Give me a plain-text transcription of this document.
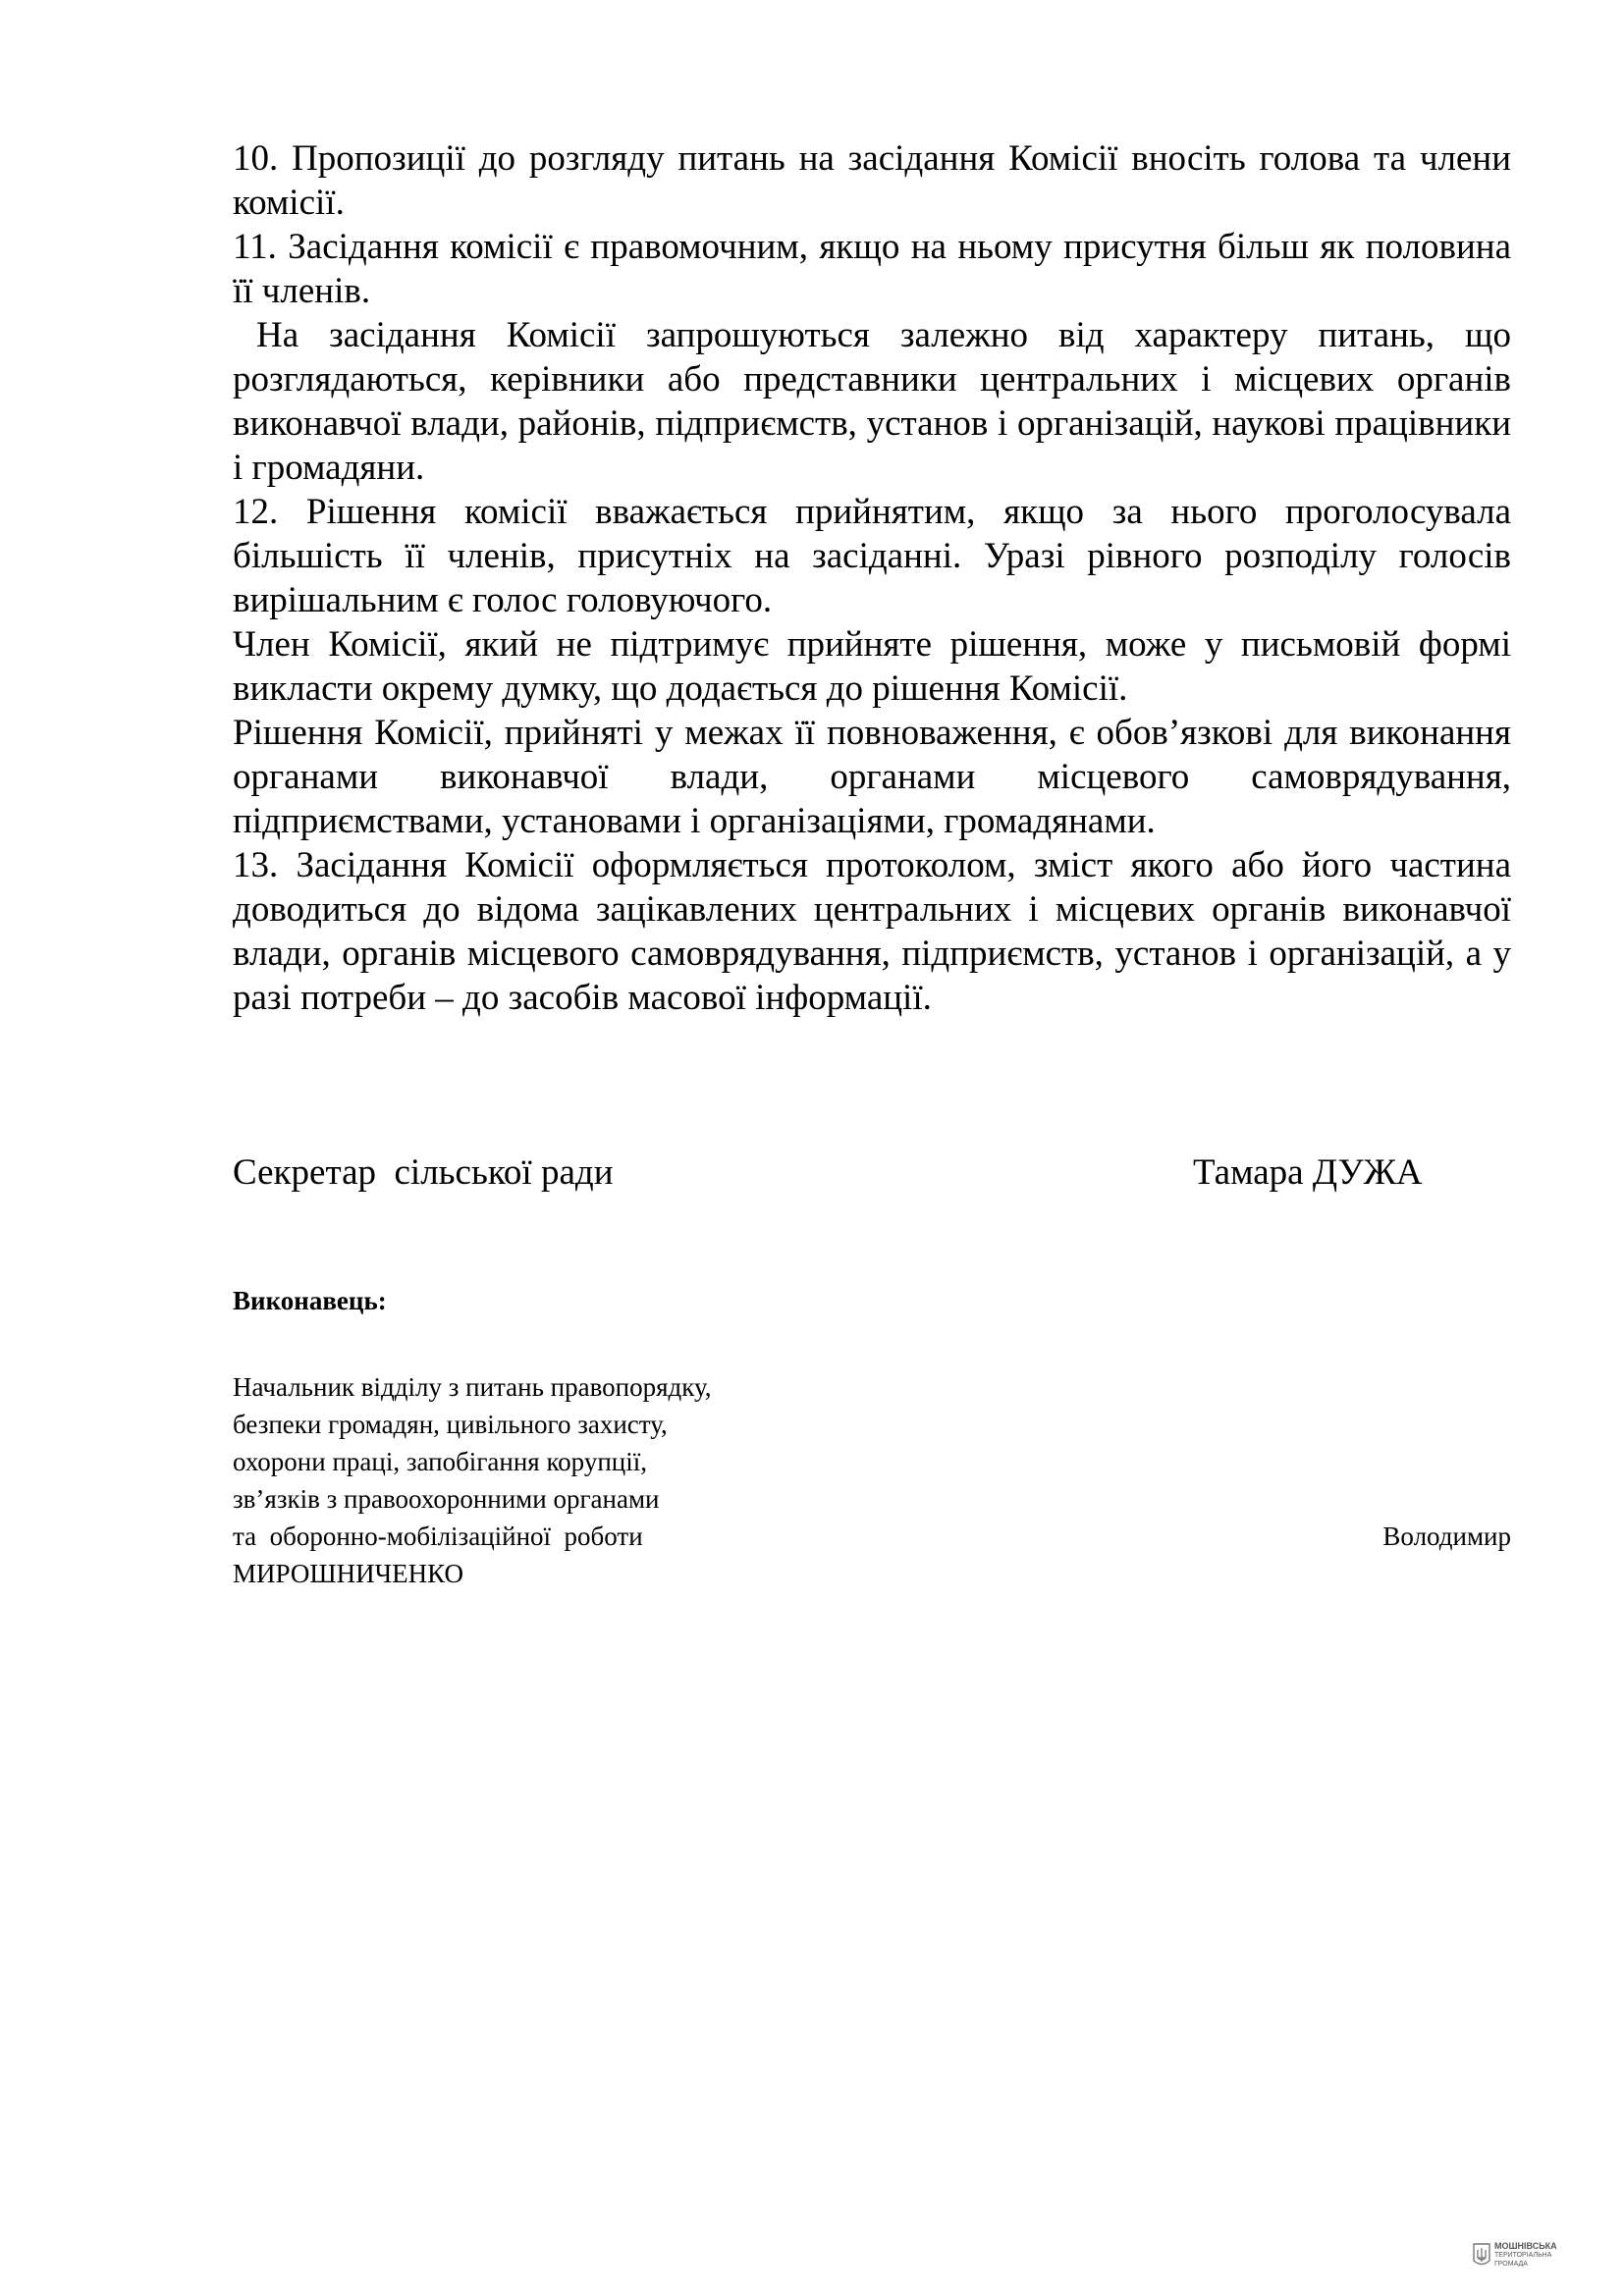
10. Пропозиції до розгляду питань на засідання Комісії вносіть голова та члени комісії.

11. Засідання комісії є правомочним, якщо на ньому присутня більш як половина її членів.

На засідання Комісії запрошуються залежно від характеру питань, що розглядаються, керівники або представники центральних і місцевих органів виконавчої влади, районів, підприємств, установ і організацій, наукові працівники і громадяни.

12. Рішення комісії вважається прийнятим, якщо за нього проголосувала більшість її членів, присутніх на засіданні. Уразі рівного розподілу голосів вирішальним є голос головуючого.

Член Комісії, який не підтримує прийняте рішення, може у письмовій формі викласти окрему думку, що додається до рішення Комісії.

Рішення Комісії, прийняті у межах її повноваження, є обов’язкові для виконання органами виконавчої влади, органами місцевого самоврядування, підприємствами, установами і організаціями, громадянами.

13. Засідання Комісії оформляється протоколом, зміст якого або його частина доводиться до відома зацікавлених центральних і місцевих органів виконавчої влади, органів місцевого самоврядування, підприємств, установ і організацій, а у разі потреби – до засобів масової інформації.

Секретар  сільської ради	Тамара ДУЖА
Виконавець:
Начальник відділу з питань правопорядку,
безпеки громадян, цивільного захисту,
охорони праці, запобігання корупції,
зв’язків з правоохоронними органами
та  оборонно-мобілізаційної  роботи	Володимир
МИРОШНИЧЕНКО
МОШНІВСЬКА
ТЕРИТОРІАЛЬНА
ГРОМАДА
